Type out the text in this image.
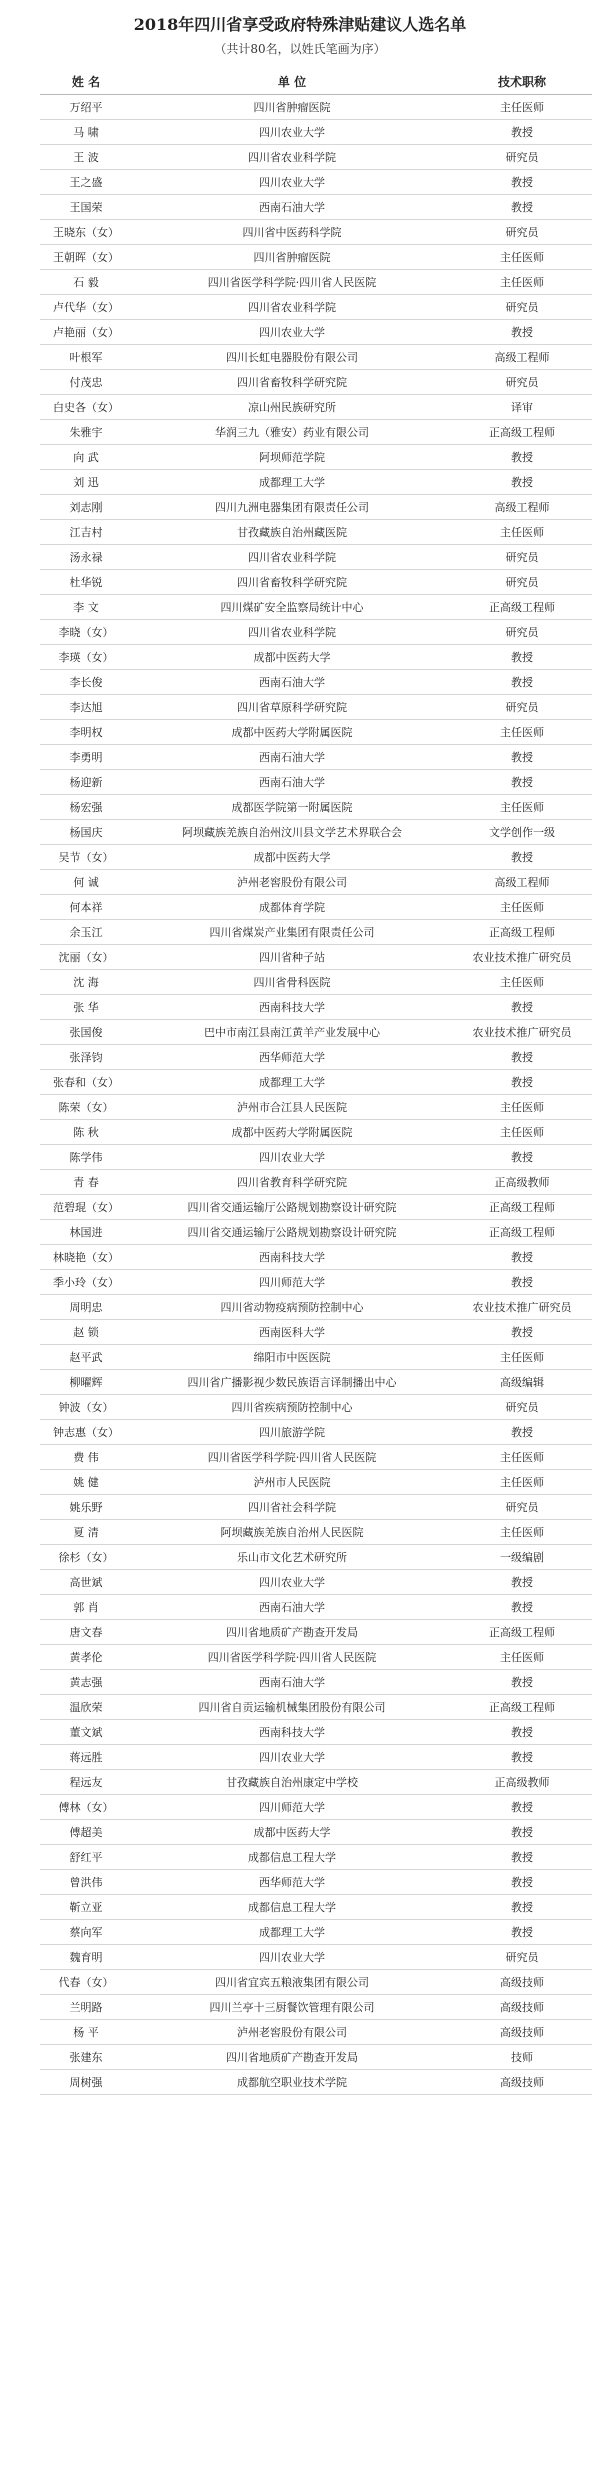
2018年四川省享受政府特殊津贴建议人选名单
（共计80名，以姓氏笔画为序）
姓 名	单 位	技术职称
万绍平	四川省肿瘤医院	主任医师
马 啸	四川农业大学	教授
王 波	四川省农业科学院	研究员
王之盛	四川农业大学	教授
王国荣	西南石油大学	教授
王晓东（女）	四川省中医药科学院	研究员
王朝晖（女）	四川省肿瘤医院	主任医师
石 毅	四川省医学科学院·四川省人民医院	主任医师
卢代华（女）	四川省农业科学院	研究员
卢艳丽（女）	四川农业大学	教授
叶根军	四川长虹电器股份有限公司	高级工程师
付茂忠	四川省畜牧科学研究院	研究员
白史各（女）	凉山州民族研究所	译审
朱雅宇	华润三九（雅安）药业有限公司	正高级工程师
向 武	阿坝师范学院	教授
刘 迅	成都理工大学	教授
刘志刚	四川九洲电器集团有限责任公司	高级工程师
江吉村	甘孜藏族自治州藏医院	主任医师
汤永禄	四川省农业科学院	研究员
杜华锐	四川省畜牧科学研究院	研究员
李 文	四川煤矿安全监察局统计中心	正高级工程师
李晓（女）	四川省农业科学院	研究员
李瑛（女）	成都中医药大学	教授
李长俊	西南石油大学	教授
李达旭	四川省草原科学研究院	研究员
李明权	成都中医药大学附属医院	主任医师
李勇明	西南石油大学	教授
杨迎新	西南石油大学	教授
杨宏强	成都医学院第一附属医院	主任医师
杨国庆	阿坝藏族羌族自治州汶川县文学艺术界联合会	文学创作一级
吴节（女）	成都中医药大学	教授
何 诚	泸州老窖股份有限公司	高级工程师
何本祥	成都体育学院	主任医师
余玉江	四川省煤炭产业集团有限责任公司	正高级工程师
沈丽（女）	四川省种子站	农业技术推广研究员
沈 海	四川省骨科医院	主任医师
张 华	西南科技大学	教授
张国俊	巴中市南江县南江黄羊产业发展中心	农业技术推广研究员
张泽钧	西华师范大学	教授
张春和（女）	成都理工大学	教授
陈荣（女）	泸州市合江县人民医院	主任医师
陈 秋	成都中医药大学附属医院	主任医师
陈学伟	四川农业大学	教授
青 春	四川省教育科学研究院	正高级教师
范碧琨（女）	四川省交通运输厅公路规划勘察设计研究院	正高级工程师
林国进	四川省交通运输厅公路规划勘察设计研究院	正高级工程师
林晓艳（女）	西南科技大学	教授
季小玲（女）	四川师范大学	教授
周明忠	四川省动物疫病预防控制中心	农业技术推广研究员
赵 锁	西南医科大学	教授
赵平武	绵阳市中医医院	主任医师
柳曜辉	四川省广播影视少数民族语言译制播出中心	高级编辑
钟波（女）	四川省疾病预防控制中心	研究员
钟志惠（女）	四川旅游学院	教授
费 伟	四川省医学科学院·四川省人民医院	主任医师
姚 健	泸州市人民医院	主任医师
姚乐野	四川省社会科学院	研究员
夏 清	阿坝藏族羌族自治州人民医院	主任医师
徐杉（女）	乐山市文化艺术研究所	一级编剧
高世斌	四川农业大学	教授
郭 肖	西南石油大学	教授
唐文春	四川省地质矿产勘查开发局	正高级工程师
黄孝伦	四川省医学科学院·四川省人民医院	主任医师
黄志强	西南石油大学	教授
温欣荣	四川省自贡运输机械集团股份有限公司	正高级工程师
董文斌	西南科技大学	教授
蒋远胜	四川农业大学	教授
程远友	甘孜藏族自治州康定中学校	正高级教师
傅林（女）	四川师范大学	教授
傅超美	成都中医药大学	教授
舒红平	成都信息工程大学	教授
曾洪伟	西华师范大学	教授
靳立亚	成都信息工程大学	教授
蔡向军	成都理工大学	教授
魏育明	四川农业大学	研究员
代春（女）	四川省宜宾五粮液集团有限公司	高级技师
兰明路	四川兰亭十三厨餐饮管理有限公司	高级技师
杨 平	泸州老窖股份有限公司	高级技师
张建东	四川省地质矿产勘查开发局	技师
周树强	成都航空职业技术学院	高级技师
